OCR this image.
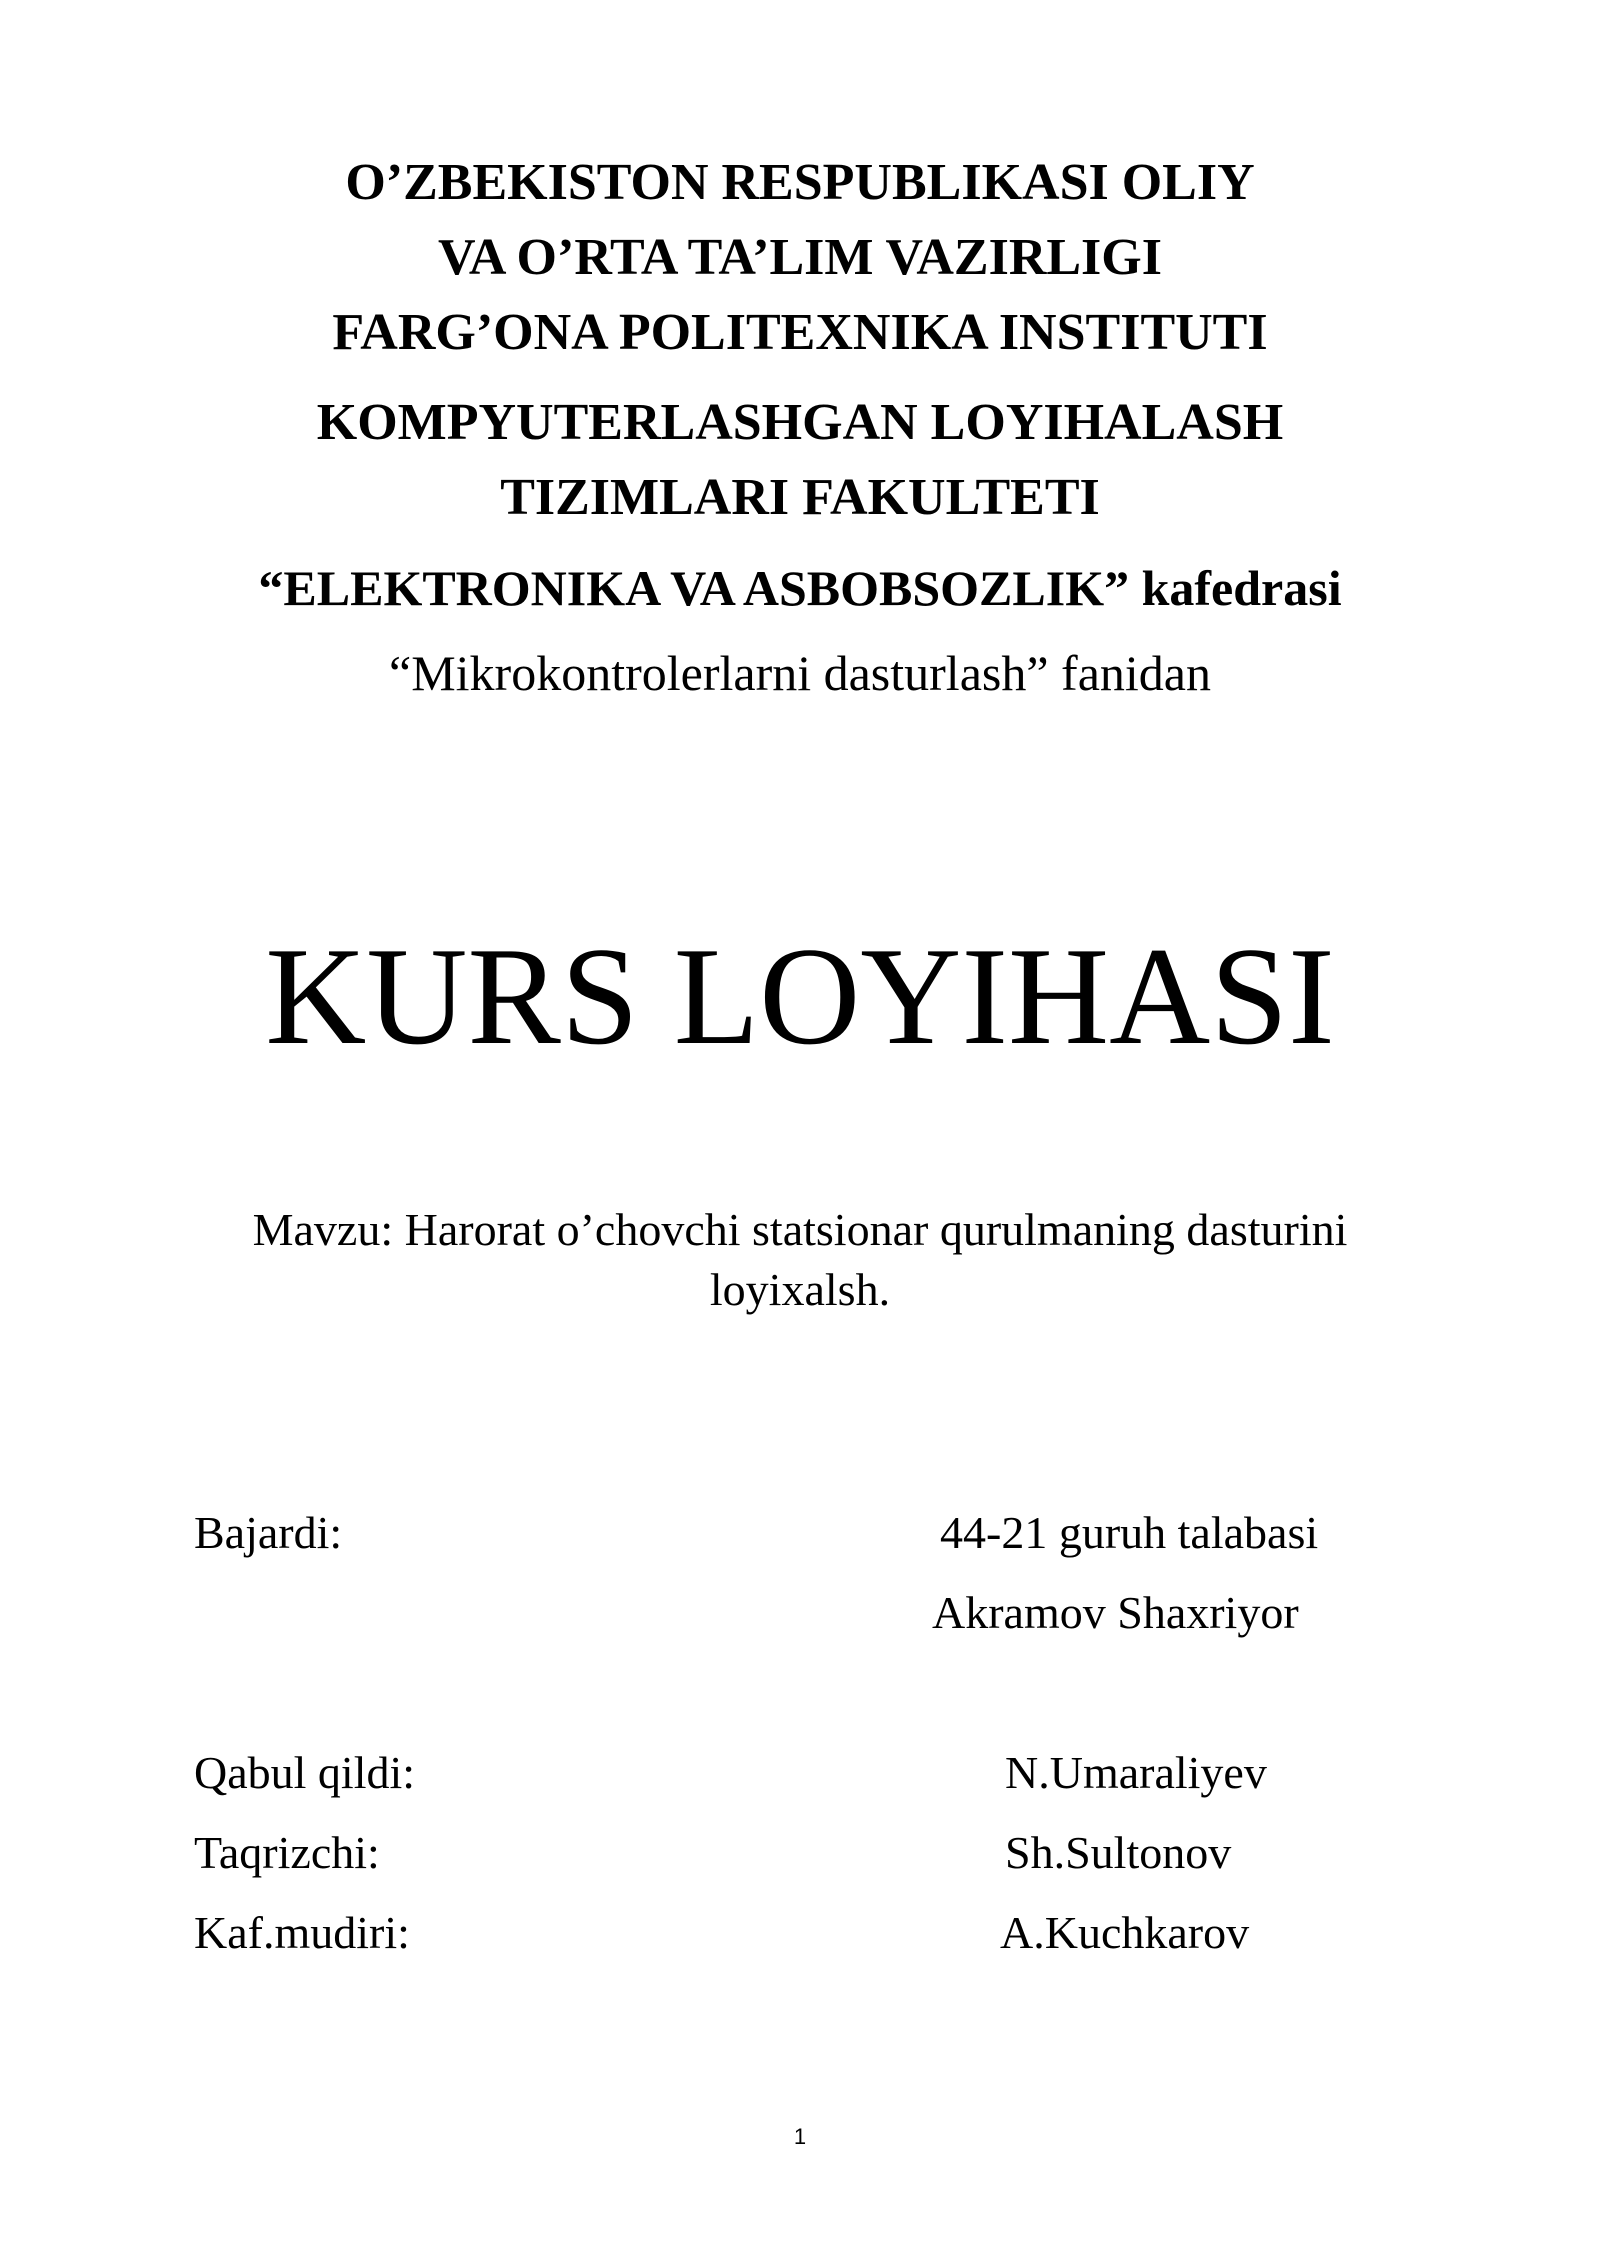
O’ZBEKISTON RESPUBLIKASI OLIY
VA O’RTA TA’LIM VAZIRLIGI
FARG’ONA POLITEXNIKA INSTITUTI
KOMPYUTERLASHGAN LOYIHALASH
TIZIMLARI FAKULTETI
“ELEKTRONIKA VA ASBOBSOZLIK” kafedrasi
“Mikrokontrolerlarni dasturlash” fanidan
KURS LOYIHASI
Mavzu: Harorat o’chovchi statsionar qurulmaning dasturini
loyixalsh.
Bajardi:	44-21 guruh talabasi
Akramov Shaxriyor
Qabul qildi:	N.Umaraliyev
Taqrizchi:	Sh.Sultonov
Kaf.mudiri:	A.Kuchkarov
1
